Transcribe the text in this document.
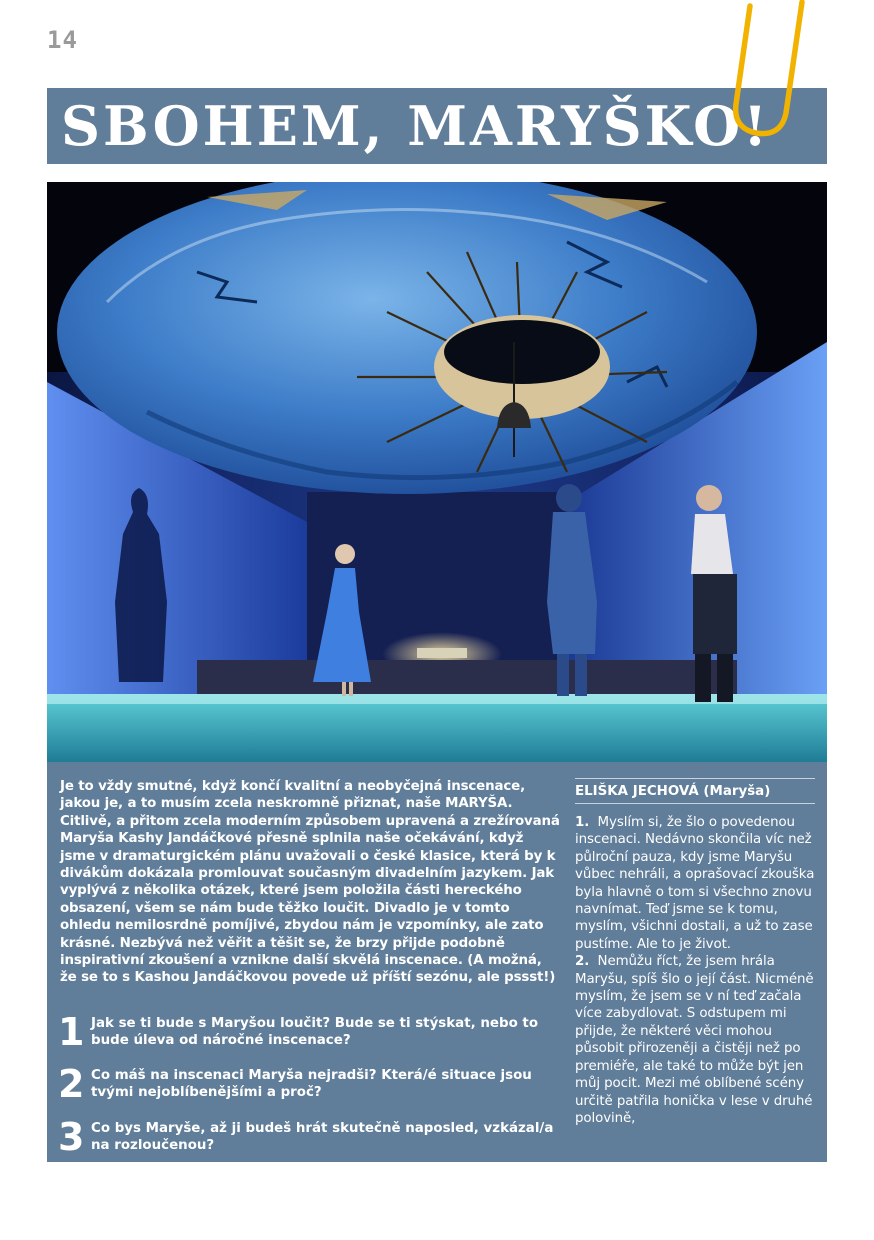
14
SBOHEM, MARYŠKO!
Je to vždy smutné, když končí kvalitní a neobyčejná inscenace, jakou je, a to musím zcela neskromně přiznat, naše MARYŠA. Citlivě, a přitom zcela moderním způsobem upravená a zrežírovaná Maryša Kashy Jandáčkové přesně splnila naše očekávání, když jsme v dramaturgickém plánu uvažovali o české klasice, která by k divákům dokázala promlouvat současným divadelním jazykem. Jak vyplývá z několika otázek, které jsem položila části hereckého obsazení, všem se nám bude těžko loučit. Divadlo je v tomto ohledu nemilosrdně pomíjivé, zbydou nám je vzpomínky, ale zato krásné. Nezbývá než věřit a těšit se, že brzy přijde podobně inspirativní zkoušení a vznikne další skvělá inscenace. (A možná, že se to s Kashou Jandáčkovou povede už příští sezónu, ale pssst!)
1 Jak se ti bude s Maryšou loučit? Bude se ti stýskat, nebo to bude úleva od náročné inscenace?
2 Co máš na inscenaci Maryša nejradši? Která/é situace jsou tvými nejoblíbenějšími a proč?
3 Co bys Maryše, až ji budeš hrát skutečně naposled, vzkázal/a na rozloučenou?
ELIŠKA JECHOVÁ (Maryša)

1. Myslím si, že šlo o povedenou inscenaci. Nedávno skončila víc než půlroční pauza, kdy jsme Maryšu vůbec nehráli, a oprašovací zkouška byla hlavně o tom si všechno znovu navnímat. Teď jsme se k tomu, myslím, všichni dostali, a už to zase pustíme. Ale to je život.

2. Nemůžu říct, že jsem hrála Maryšu, spíš šlo o její část. Nicméně myslím, že jsem se v ní teď začala více zabydlovat. S odstupem mi přijde, že některé věci mohou působit přirozeněji a čistěji než po premiéře, ale také to může být jen můj pocit. Mezi mé oblíbené scény určitě patřila honička v lese v druhé polovině,
